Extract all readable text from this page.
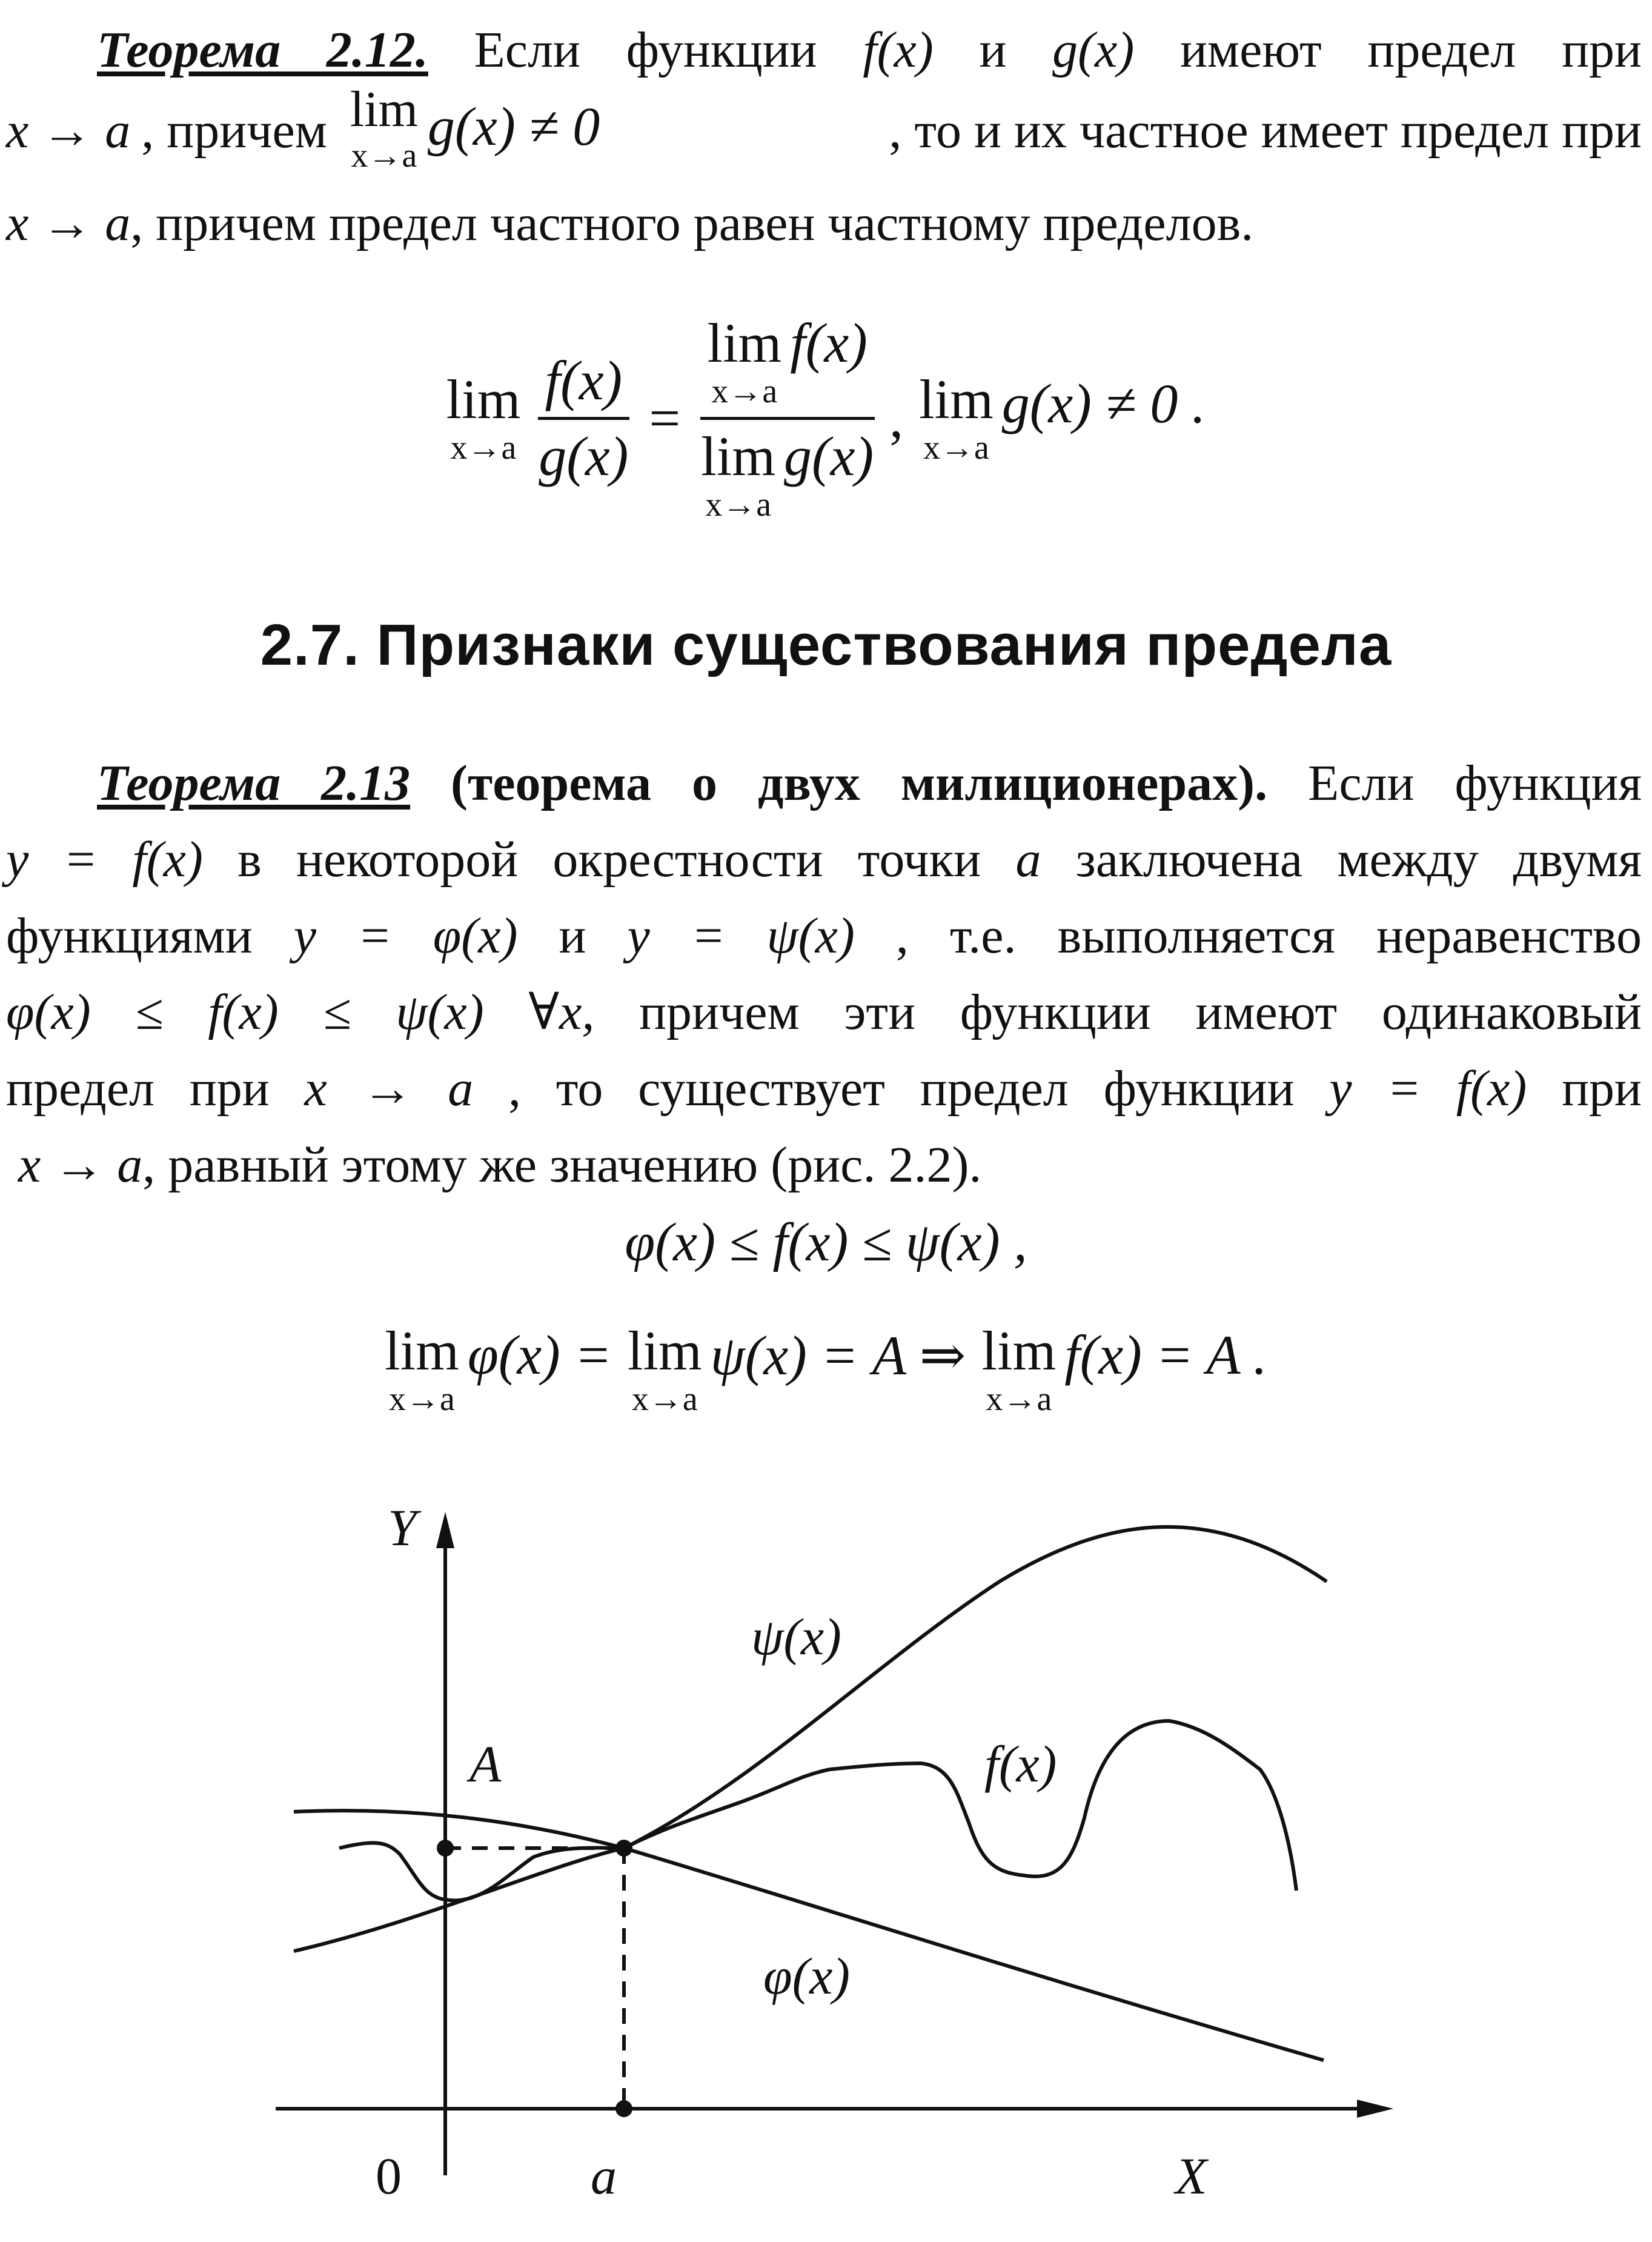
Теорема 2.12. Если функции f(x) и g(x) имеют предел при
x → a , причем lim
x→a g(x) ≠ 0	, то и их частное имеет предел при
x → a, причем предел частного равен частному пределов.
lim
$x\to a \frac{f(x)}{g(x)} = \lim$
x→a
f(x)
lim
x→a
g(x) , lim
x→a
g(x) ≠ 0 .
2.7. Признаки существования предела
Теорема 2.13 (теорема о двух милиционерах). Если функция
y = f(x) в некоторой окрестности точки a заключена между двумя
функциями y = φ(x) и y = ψ(x) , т.е. выполняется неравенство
φ(x) ≤ f(x) ≤ ψ(x) ∀x, причем эти функции имеют одинаковый
предел при x → a , то существует предел функции y = f(x) при
x → a, равный этому же значению (рис. 2.2).
φ(x) ≤ f(x) ≤ ψ(x) ,
lim
x→a
φ(x) = lim
x→a
ψ(x) = A ⇒ lim
x→a
f(x) = A .
Y
X
0	a
A
ψ(x)
f(x)
φ(x)
